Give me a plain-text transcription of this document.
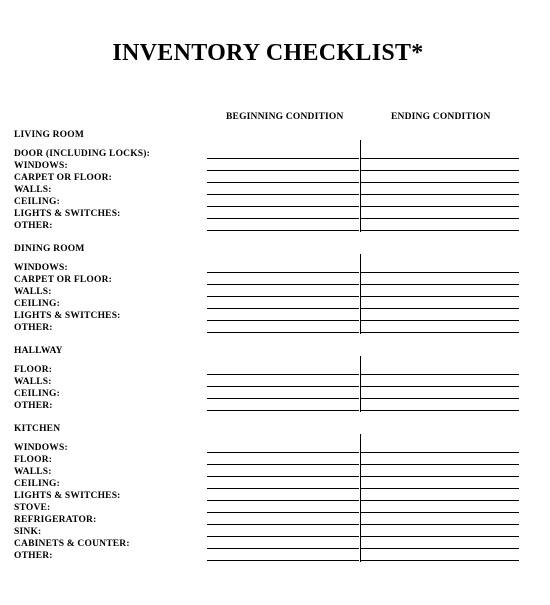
INVENTORY CHECKLIST*
BEGINNING CONDITION	ENDING CONDITION
LIVING ROOM
DOOR (INCLUDING LOCKS):
WINDOWS:
CARPET OR FLOOR:
WALLS:
CEILING:
LIGHTS & SWITCHES:
OTHER:
DINING ROOM
WINDOWS:
CARPET OR FLOOR:
WALLS:
CEILING:
LIGHTS & SWITCHES:
OTHER:
HALLWAY
FLOOR:
WALLS:
CEILING:
OTHER:
KITCHEN
WINDOWS:
FLOOR:
WALLS:
CEILING:
LIGHTS & SWITCHES:
STOVE:
REFRIGERATOR:
SINK:
CABINETS & COUNTER:
OTHER:
